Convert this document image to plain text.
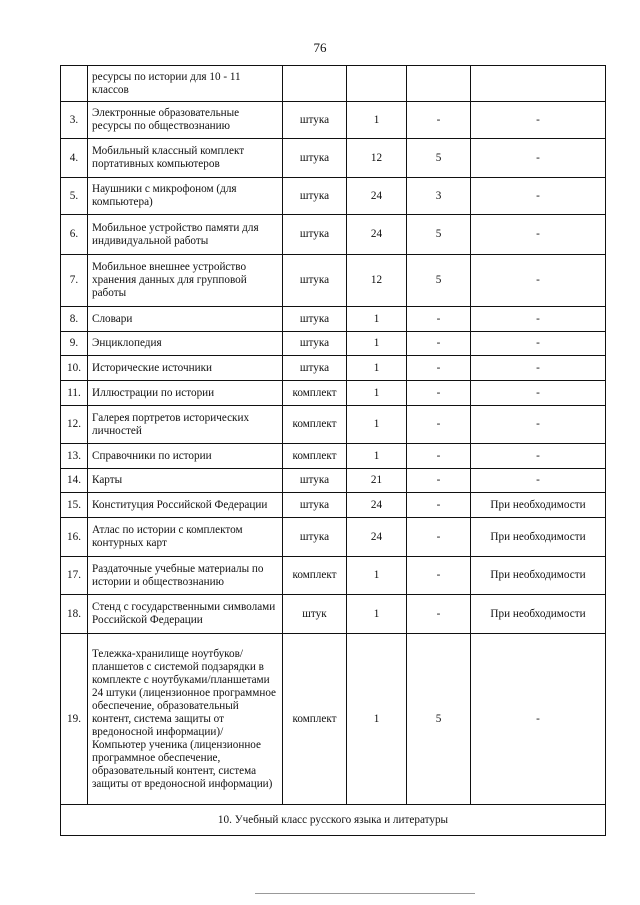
76
	ресурсы по истории для 10 - 11 классов				
3.	Электронные образовательные ресурсы по обществознанию	штука	1	-	-
4.	Мобильный классный комплект портативных компьютеров	штука	12	5	-
5.	Наушники с микрофоном (для компьютера)	штука	24	3	-
6.	Мобильное устройство памяти для индивидуальной работы	штука	24	5	-
7.	Мобильное внешнее устройство хранения данных для групповой работы	штука	12	5	-
8.	Словари	штука	1	-	-
9.	Энциклопедия	штука	1	-	-
10.	Исторические источники	штука	1	-	-
11.	Иллюстрации по истории	комплект	1	-	-
12.	Галерея портретов исторических личностей	комплект	1	-	-
13.	Справочники по истории	комплект	1	-	-
14.	Карты	штука	21	-	-
15.	Конституция Российской Федерации	штука	24	-	При необходимости
16.	Атлас по истории с комплектом контурных карт	штука	24	-	При необходимости
17.	Раздаточные учебные материалы по истории и обществознанию	комплект	1	-	При необходимости
18.	Стенд с государственными символами Российской Федерации	штук	1	-	При необходимости
19.	Тележка-хранилище ноутбуков/планшетов с системой подзарядки в комплекте с ноутбуками/планшетами 24 штуки (лицензионное программное обеспечение, образовательный контент, система защиты от вредоносной информации)/ Компьютер ученика (лицензионное программное обеспечение, образовательный контент, система защиты от вредоносной информации)	комплект	1	5	-
10. Учебный класс русского языка и литературы					
